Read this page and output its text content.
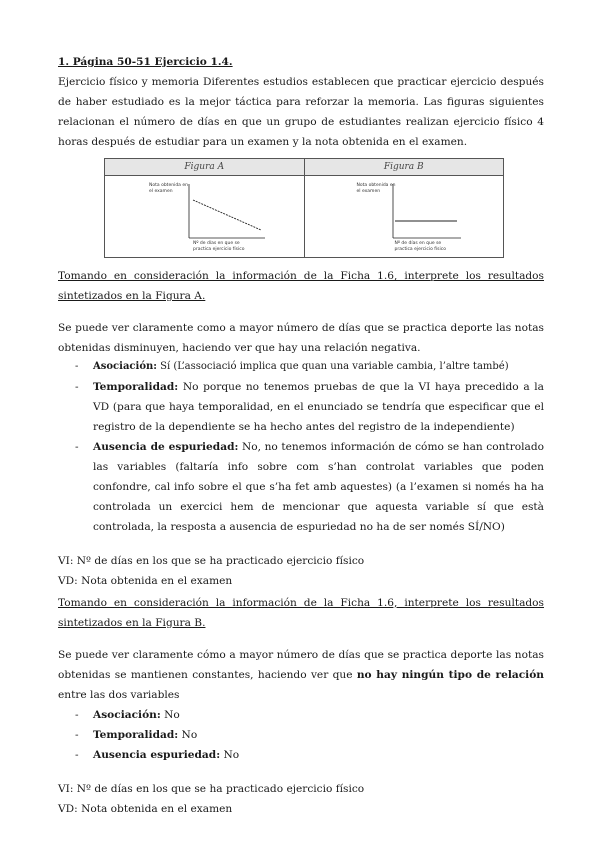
1. Página 50-51 Ejercicio 1.4.
Ejercicio físico y memoria Diferentes estudios establecen que practicar ejercicio después de haber estudiado es la mejor táctica para reforzar la memoria. Las figuras siguientes relacionan el número de días en que un grupo de estudiantes realizan ejercicio físico 4 horas después de estudiar para un examen y la nota obtenida en el examen.
Figura A
Nota obtenida en el examen
Nº de días en que se practica ejercicio físico
Figura B
Nota obtenida en el examen
Nº de días en que se practica ejercicio físico
Tomando en consideración la información de la Ficha 1.6, interprete los resultados sintetizados en la Figura A.
Se puede ver claramente como a mayor número de días que se practica deporte las notas obtenidas disminuyen, haciendo ver que hay una relación negativa.
- Asociación: Sí (L’associació implica que quan una variable cambia, l’altre també)
- Temporalidad: No porque no tenemos pruebas de que la VI haya precedido a la VD (para que haya temporalidad, en el enunciado se tendría que especificar que el registro de la dependiente se ha hecho antes del registro de la independiente)
- Ausencia de espuriedad: No, no tenemos información de cómo se han controlado las variables (faltaría info sobre com s’han controlat variables que poden confondre, cal info sobre el que s’ha fet amb aquestes) (a l’examen si només ha ha controlada un exercici hem de mencionar que aquesta variable sí que està controlada, la resposta a ausencia de espuriedad no ha de ser només SÍ/NO)
VI: Nº de días en los que se ha practicado ejercicio físico
VD: Nota obtenida en el examen
Tomando en consideración la información de la Ficha 1.6, interprete los resultados sintetizados en la Figura B.
Se puede ver claramente cómo a mayor número de días que se practica deporte las notas obtenidas se mantienen constantes, haciendo ver que no hay ningún tipo de relación entre las dos variables
- Asociación: No
- Temporalidad: No
- Ausencia espuriedad: No
VI: Nº de días en los que se ha practicado ejercicio físico
VD: Nota obtenida en el examen
